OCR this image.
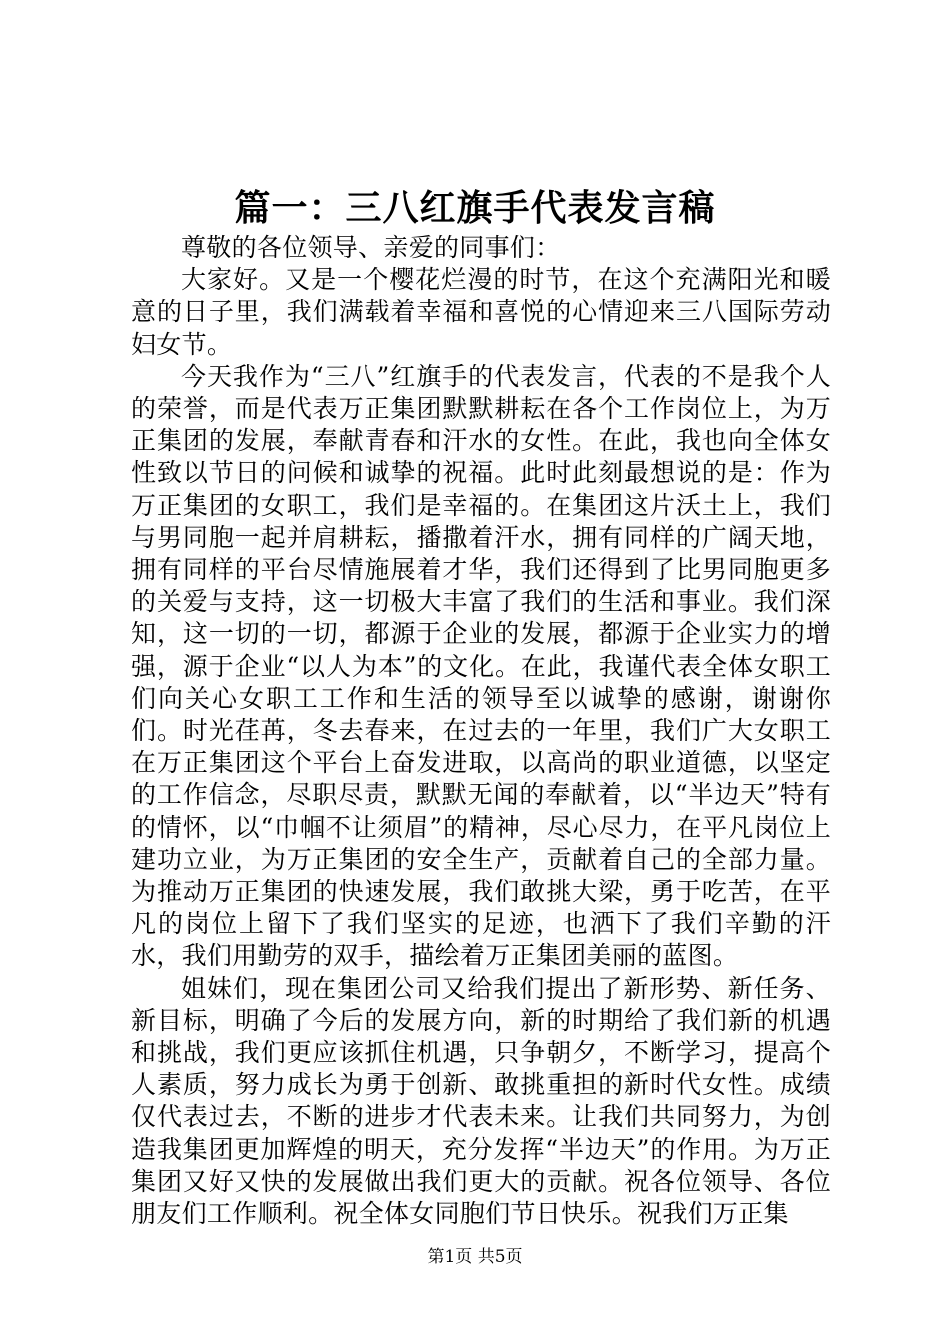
篇一：三八红旗手代表发言稿

尊敬的各位领导、亲爱的同事们：

大家好。又是一个樱花烂漫的时节，在这个充满阳光和暖意的日子里，我们满载着幸福和喜悦的心情迎来三八国际劳动妇女节。

今天我作为“三八”红旗手的代表发言，代表的不是我个人的荣誉，而是代表万正集团默默耕耘在各个工作岗位上，为万正集团的发展，奉献青春和汗水的女性。在此，我也向全体女性致以节日的问候和诚挚的祝福。此时此刻最想说的是：作为万正集团的女职工，我们是幸福的。在集团这片沃土上，我们与男同胞一起并肩耕耘，播撒着汗水，拥有同样的广阔天地，拥有同样的平台尽情施展着才华，我们还得到了比男同胞更多的关爱与支持，这一切极大丰富了我们的生活和事业。我们深知，这一切的一切，都源于企业的发展，都源于企业实力的增强，源于企业“以人为本”的文化。在此，我谨代表全体女职工们向关心女职工工作和生活的领导至以诚挚的感谢，谢谢你们。时光荏苒，冬去春来，在过去的一年里，我们广大女职工在万正集团这个平台上奋发进取，以高尚的职业道德，以坚定的工作信念，尽职尽责，默默无闻的奉献着，以“半边天”特有的情怀，以“巾帼不让须眉”的精神，尽心尽力，在平凡岗位上建功立业，为万正集团的安全生产，贡献着自己的全部力量。为推动万正集团的快速发展，我们敢挑大梁，勇于吃苦，在平凡的岗位上留下了我们坚实的足迹，也洒下了我们辛勤的汗水，我们用勤劳的双手，描绘着万正集团美丽的蓝图。

姐妹们，现在集团公司又给我们提出了新形势、新任务、新目标，明确了今后的发展方向，新的时期给了我们新的机遇和挑战，我们更应该抓住机遇，只争朝夕，不断学习，提高个人素质，努力成长为勇于创新、敢挑重担的新时代女性。成绩仅代表过去，不断的进步才代表未来。让我们共同努力，为创造我集团更加辉煌的明天，充分发挥“半边天”的作用。为万正集团又好又快的发展做出我们更大的贡献。祝各位领导、各位朋友们工作顺利。祝全体女同胞们节日快乐。祝我们万正集

第1页 共5页
